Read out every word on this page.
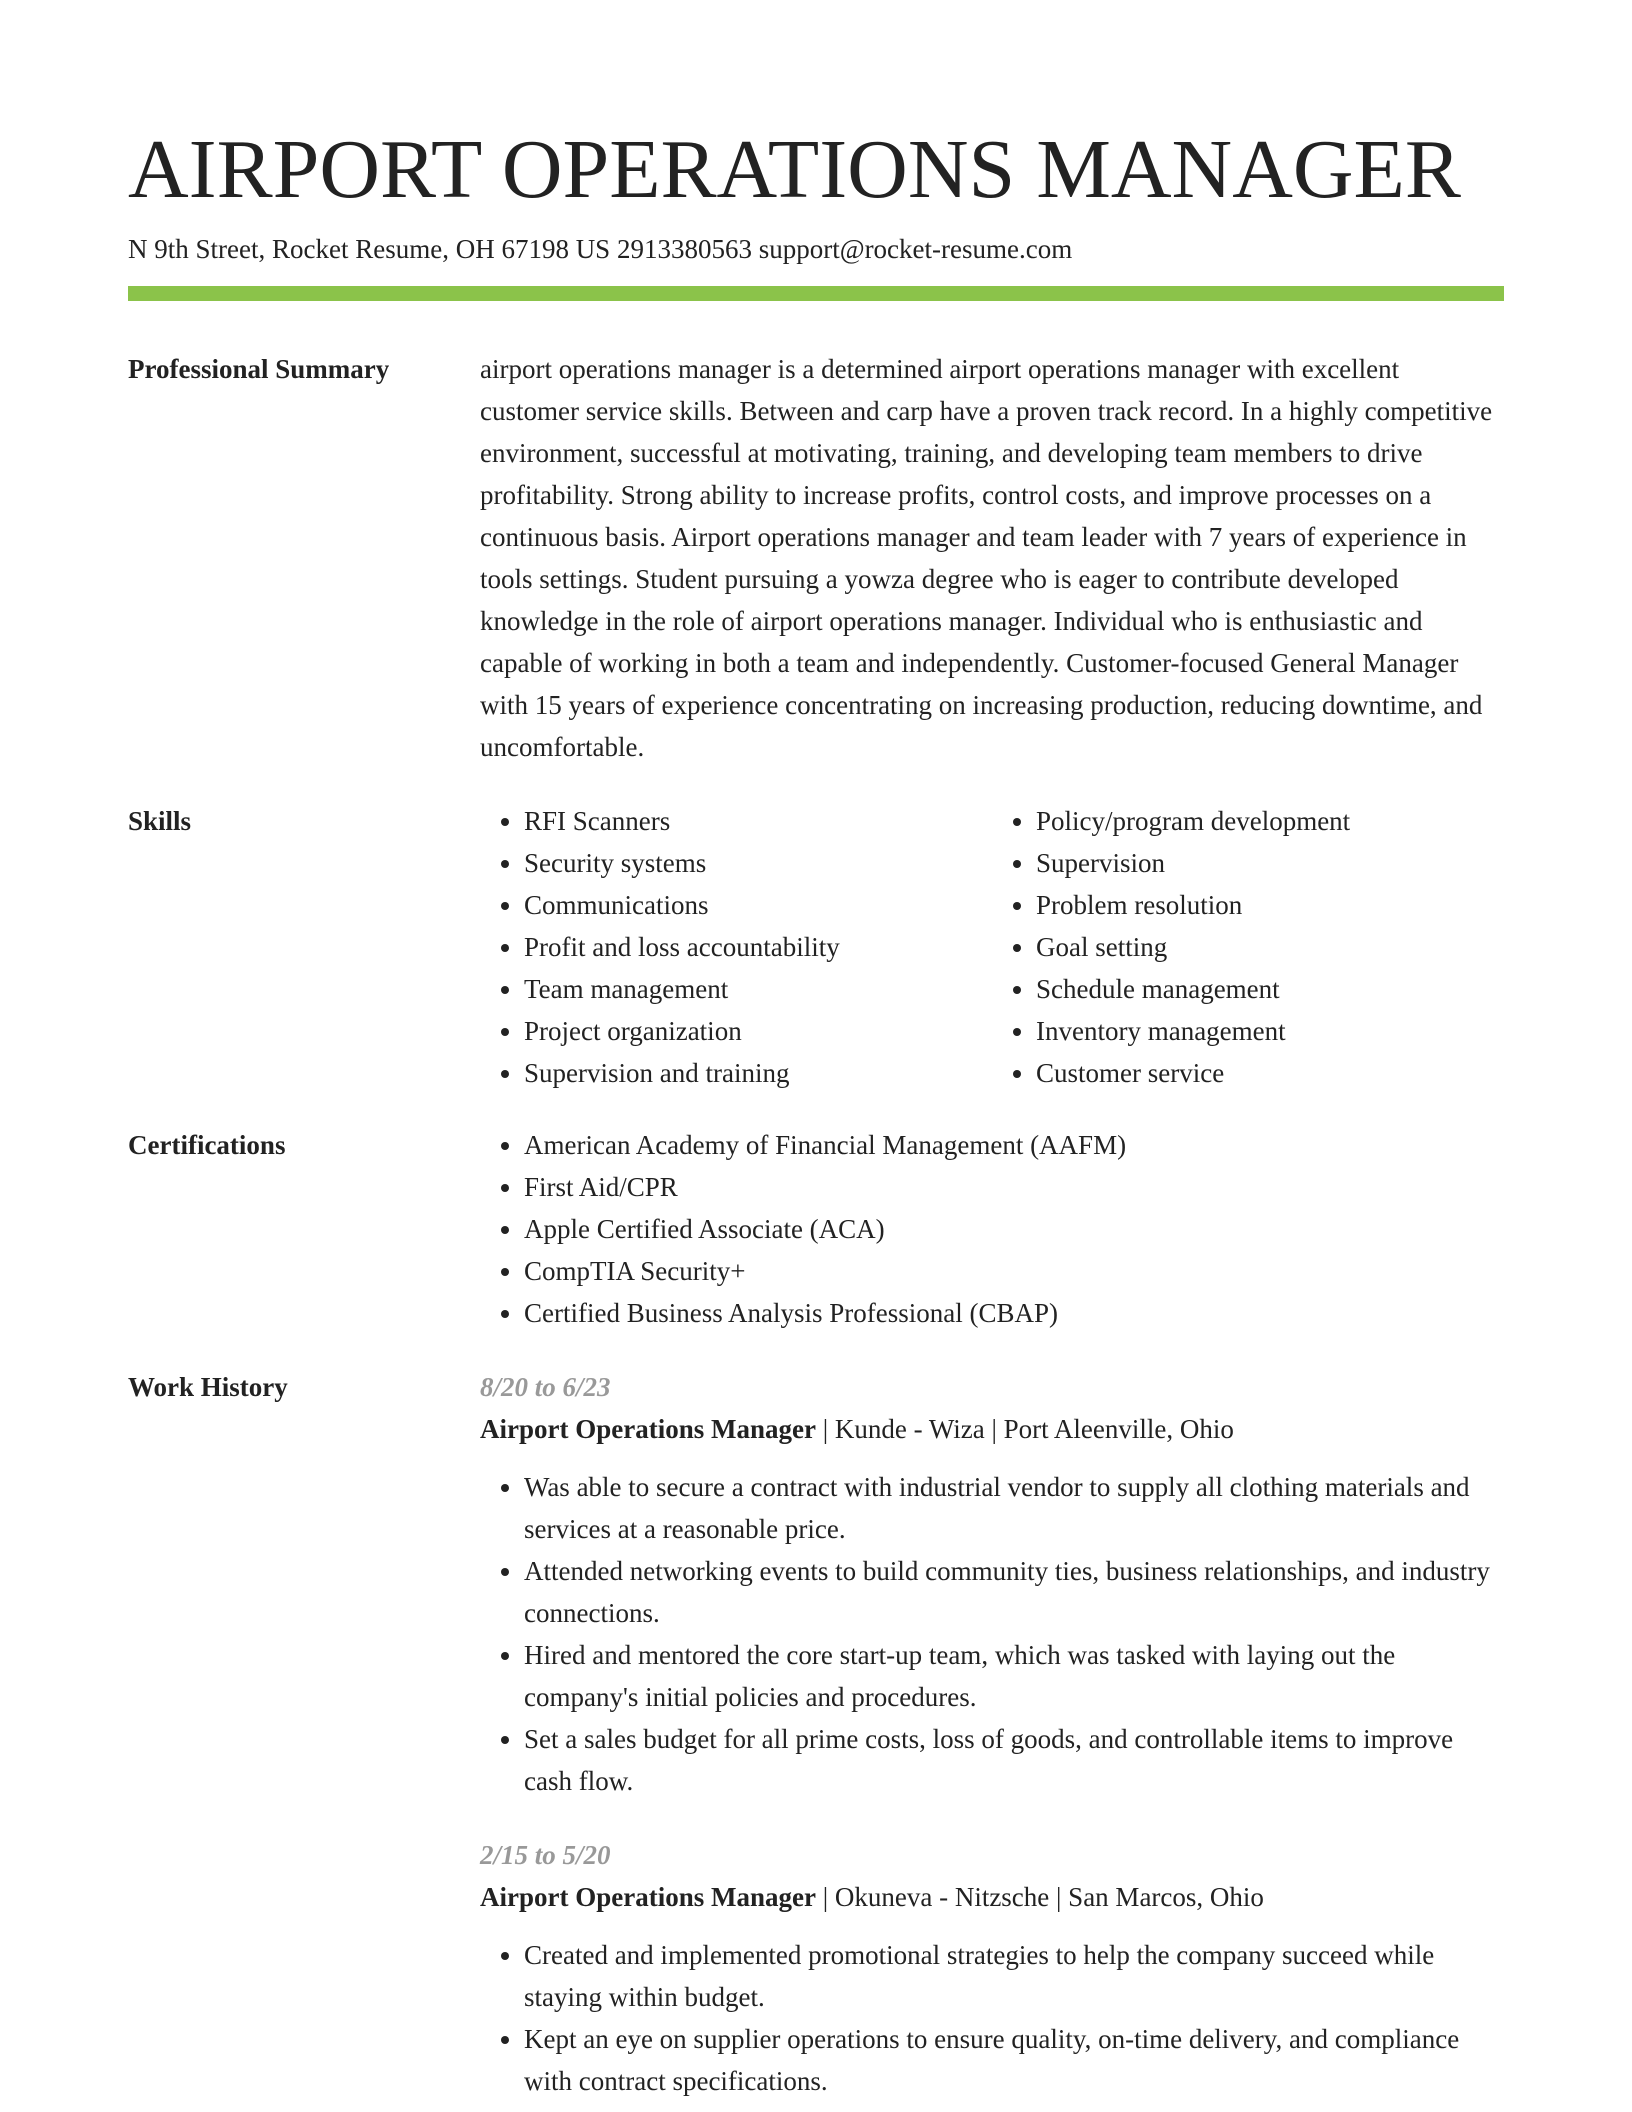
AIRPORT OPERATIONS MANAGER
N 9th Street, Rocket Resume, OH 67198 US 2913380563 support@rocket-resume.com
Professional Summary	airport operations manager is a determined airport operations manager with excellent customer service skills. Between and carp have a proven track record. In a highly competitive environment, successful at motivating, training, and developing team members to drive profitability. Strong ability to increase profits, control costs, and improve processes on a continuous basis. Airport operations manager and team leader with 7 years of experience in tools settings. Student pursuing a yowza degree who is eager to contribute developed knowledge in the role of airport operations manager. Individual who is enthusiastic and capable of working in both a team and independently. Customer-focused General Manager with 15 years of experience concentrating on increasing production, reducing downtime, and uncomfortable.

Skills	• RFI Scanners
• Security systems
• Communications
• Profit and loss accountability
• Team management
• Project organization
• Supervision and training
• Policy/program development
• Supervision
• Problem resolution
• Goal setting
• Schedule management
• Inventory management
• Customer service
Certifications	• American Academy of Financial Management (AAFM)
• First Aid/CPR
• Apple Certified Associate (ACA)
• CompTIA Security+
• Certified Business Analysis Professional (CBAP)
Work History	8/20 to 6/23
Airport Operations Manager | Kunde - Wiza | Port Aleenville, Ohio
• Was able to secure a contract with industrial vendor to supply all clothing materials and services at a reasonable price.
• Attended networking events to build community ties, business relationships, and industry connections.
• Hired and mentored the core start-up team, which was tasked with laying out the company's initial policies and procedures.
• Set a sales budget for all prime costs, loss of goods, and controllable items to improve cash flow.
2/15 to 5/20
Airport Operations Manager | Okuneva - Nitzsche | San Marcos, Ohio
• Created and implemented promotional strategies to help the company succeed while staying within budget.
• Kept an eye on supplier operations to ensure quality, on-time delivery, and compliance with contract specifications.
